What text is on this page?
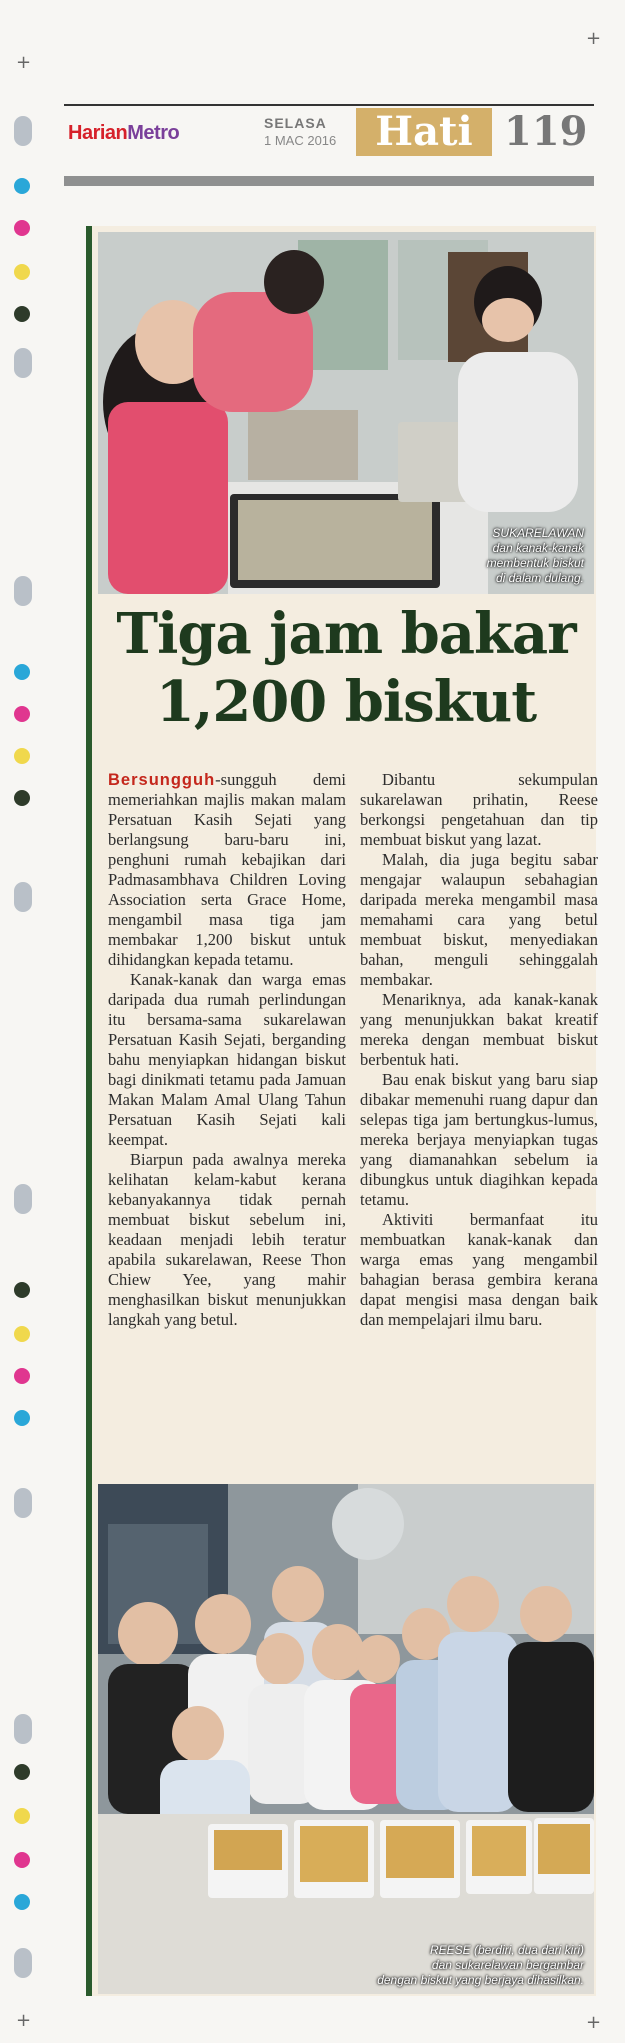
+
+
+
+
HarianMetro	SELASA
1 MAC 2016 Hati 119
SUKARELAWAN
dan kanak-kanak
membentuk biskut
di dalam dulang.
Tiga jam bakar
1,200 biskut

Bersungguh-sungguh demi memeriahkan majlis makan malam Persatuan Kasih Sejati yang berlangsung baru-baru ini, penghuni rumah kebajikan dari Padmasambhava Children Loving Association serta Grace Home, mengambil masa tiga jam membakar 1,200 biskut untuk dihidangkan kepada tetamu.

Kanak-kanak dan warga emas daripada dua rumah perlindungan itu bersama-sama sukarelawan Persatuan Kasih Sejati, berganding bahu menyiapkan hidangan biskut bagi dinikmati tetamu pada Jamuan Makan Malam Amal Ulang Tahun Persatuan Kasih Sejati kali keempat.

Biarpun pada awalnya mereka kelihatan kelam-kabut kerana kebanyakannya tidak pernah membuat biskut sebelum ini, keadaan menjadi lebih teratur apabila sukarelawan, Reese Thon Chiew Yee, yang mahir menghasilkan biskut menunjukkan langkah yang betul.

Dibantu sekumpulan sukarelawan prihatin, Reese berkongsi pengetahuan dan tip membuat biskut yang lazat.

Malah, dia juga begitu sabar mengajar walaupun sebahagian daripada mereka mengambil masa memahami cara yang betul membuat biskut, menyediakan bahan, menguli sehinggalah membakar.

Menariknya, ada kanak-kanak yang menunjukkan bakat kreatif mereka dengan membuat biskut berbentuk hati.

Bau enak biskut yang baru siap dibakar memenuhi ruang dapur dan selepas tiga jam bertungkus-lumus, mereka berjaya menyiapkan tugas yang diamanahkan sebelum ia dibungkus untuk diagihkan kepada tetamu.

Aktiviti bermanfaat itu membuatkan kanak-kanak dan warga emas yang mengambil bahagian berasa gembira kerana dapat mengisi masa dengan baik dan mempelajari ilmu baru.

REESE (berdiri, dua dari kiri)
dan sukarelawan bergambar
dengan biskut yang berjaya dihasilkan.
